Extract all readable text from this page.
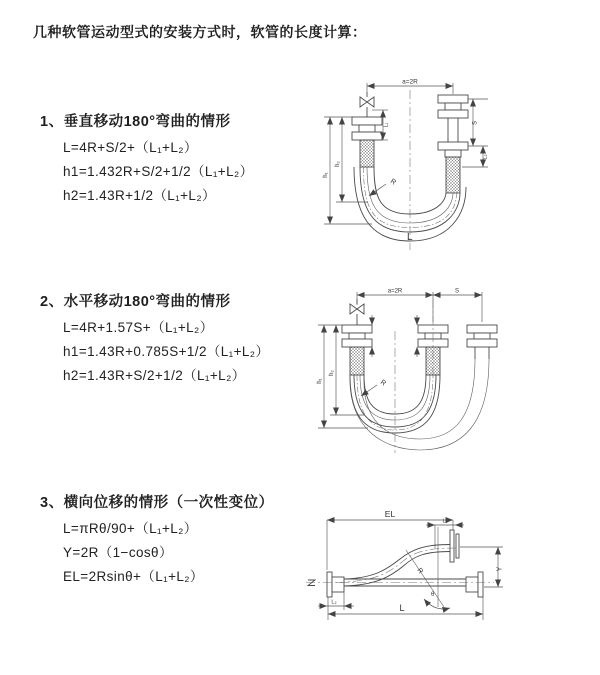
几种软管运动型式的安装方式时，软管的长度计算：
1、垂直移动180°弯曲的情形
L=4R+S/2+（L₁+L₂）
h1=1.432R+S/2+1/2（L₁+L₂）
h2=1.43R+1/2（L₁+L₂）
2、水平移动180°弯曲的情形
L=4R+1.57S+（L₁+L₂）
h1=1.43R+0.785S+1/2（L₁+L₂）
h2=1.43R+S/2+1/2（L₁+L₂）
3、横向位移的情形（一次性变位）
L=πRθ/90+（L₁+L₂）
Y=2R（1−cosθ）
EL=2Rsinθ+（L₁+L₂）
a=2R
h₁
h₂
L₁	S
L₂
R
L
a=2R	S
h₁
h₂
R
EL
L₁
Y
R
θ
L
L₂
